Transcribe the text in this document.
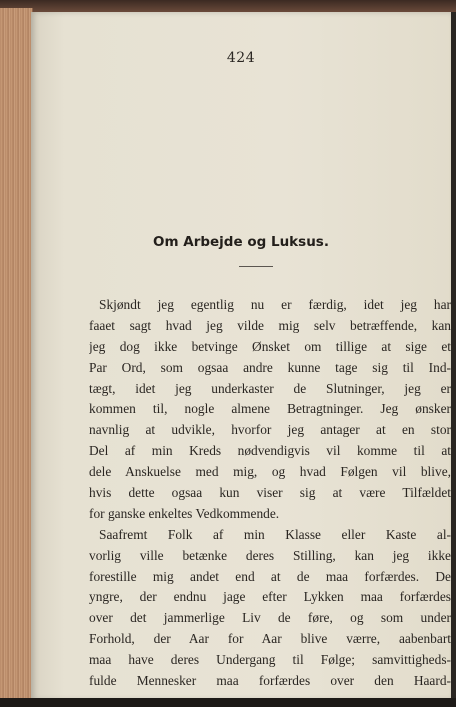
424
Om Arbejde og Luksus.
Skjøndt jeg egentlig nu er færdig, idet jeg har
faaet sagt hvad jeg vilde mig selv betræffende, kan
jeg dog ikke betvinge Ønsket om tillige at sige et
Par Ord, som ogsaa andre kunne tage sig til Ind-
tægt, idet jeg underkaster de Slutninger, jeg er
kommen til, nogle almene Betragtninger. Jeg ønsker
navnlig at udvikle, hvorfor jeg antager at en stor
Del af min Kreds nødvendigvis vil komme til at
dele Anskuelse med mig, og hvad Følgen vil blive,
hvis dette ogsaa kun viser sig at være Tilfældet
for ganske enkeltes Vedkommende.
Saafremt Folk af min Klasse eller Kaste al-
vorlig ville betænke deres Stilling, kan jeg ikke
forestille mig andet end at de maa forfærdes. De
yngre, der endnu jage efter Lykken maa forfærdes
over det jammerlige Liv de føre, og som under
Forhold, der Aar for Aar blive værre, aabenbart
maa have deres Undergang til Følge; samvittigheds-
fulde Mennesker maa forfærdes over den Haard-
